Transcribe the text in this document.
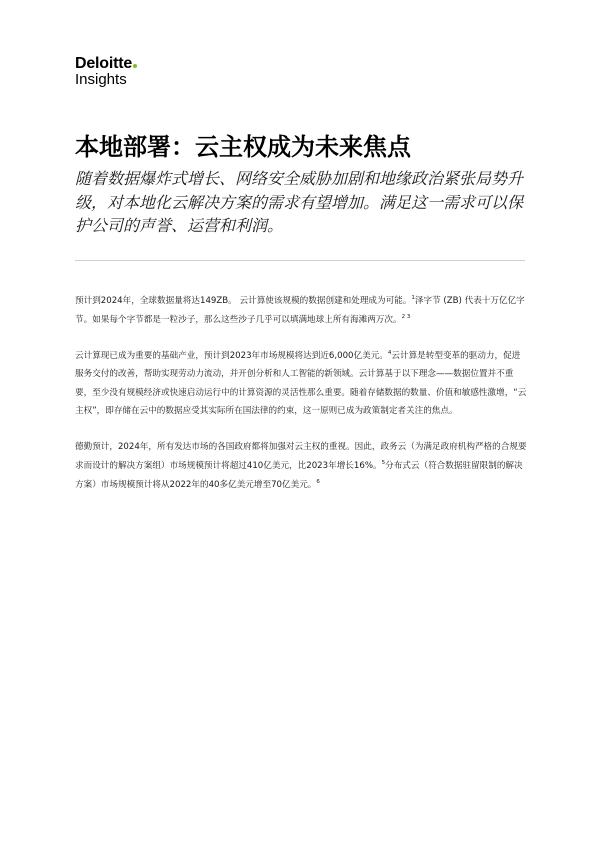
Deloitte
Insights
本地部署：云主权成为未来焦点

随着数据爆炸式增长、网络安全威胁加剧和地缘政治紧张局势升级，对本地化云解决方案的需求有望增加。满足这一需求可以保护公司的声誉、运营和利润。

预计到2024年，全球数据量将达149ZB。 云计算使该规模的数据创建和处理成为可能。$^1$泽字节 (ZB) 代表十万亿亿字节。如果每个字节都是一粒沙子，那么这些沙子几乎可以填满地球上所有海滩两万次。$^{2 3}$

云计算现已成为重要的基础产业，预计到2023年市场规模将达到近6,000亿美元。$^4$云计算是转型变革的驱动力，促进服务交付的改善，帮助实现劳动力流动，并开创分析和人工智能的新领域。云计算基于以下理念——数据位置并不重要，至少没有规模经济或快速启动运行中的计算资源的灵活性那么重要。随着存储数据的数量、价值和敏感性激增，“云主权”，即存储在云中的数据应受其实际所在国法律的约束，这一原则已成为政策制定者关注的焦点。

德勤预计，2024年，所有发达市场的各国政府都将加强对云主权的重视。因此，政务云（为满足政府机构严格的合规要求而设计的解决方案组）市场规模预计将超过410亿美元，比2023年增长16%。$^5$分布式云（符合数据驻留限制的解决方案）市场规模预计将从2022年的40多亿美元增至70亿美元。$^6$
